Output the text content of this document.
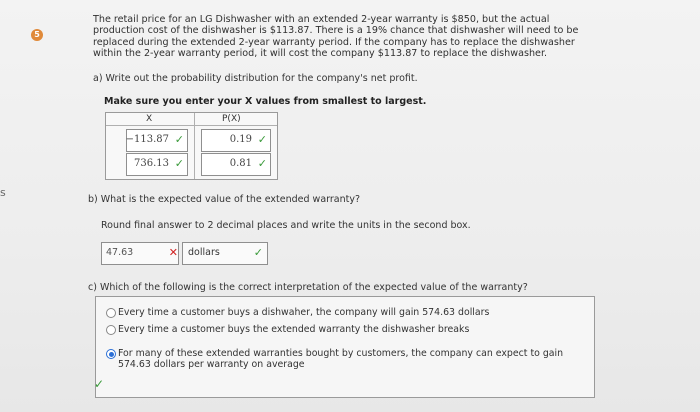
s
5
The retail price for an LG Dishwasher with an extended 2-year warranty is $850, but the actual production cost of the dishwasher is $113.87. There is a 19% chance that dishwasher will need to be replaced during the extended 2-year warranty period. If the company has to replace the dishwasher within the 2-year warranty period, it will cost the company $113.87 to replace the dishwasher.
a) Write out the probability distribution for the company's net profit.
Make sure you enter your X values from smallest to largest.
X	P(X)
−113.87 ✓	0.19 ✓
736.13 ✓	0.81 ✓
b) What is the expected value of the extended warranty?
Round final answer to 2 decimal places and write the units in the second box.
47.63	✕ dollars	✓
c) Which of the following is the correct interpretation of the expected value of the warranty?
Every time a customer buys a dishwaher, the company will gain 574.63 dollars
Every time a customer buys the extended warranty the dishwasher breaks
For many of these extended warranties bought by customers, the company can expect to gain 574.63 dollars per warranty on average
✓
